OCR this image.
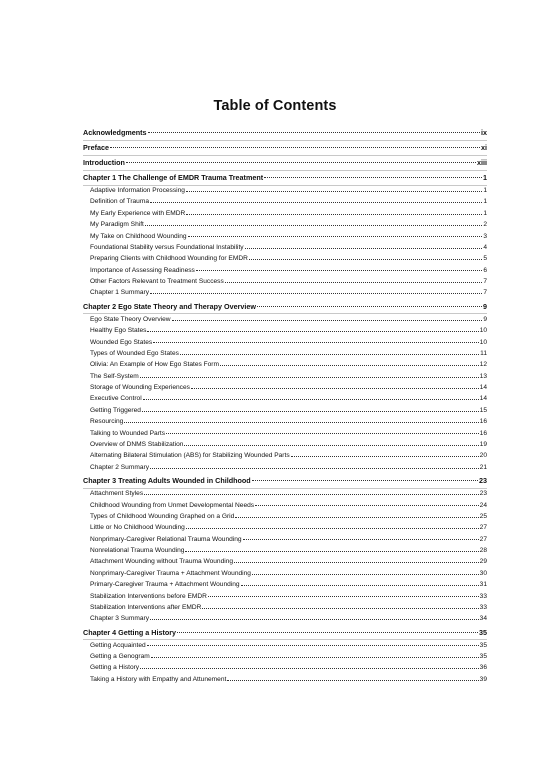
Table of Contents
Acknowledgments	ix
Preface	xi
Introduction	xiii
Chapter 1 The Challenge of EMDR Trauma Treatment	1
Adaptive Information Processing	1
Definition of Trauma	1
My Early Experience with EMDR	1
My Paradigm Shift	2
My Take on Childhood Wounding	3
Foundational Stability versus Foundational Instability	4
Preparing Clients with Childhood Wounding for EMDR	5
Importance of Assessing Readiness	6
Other Factors Relevant to Treatment Success	7
Chapter 1 Summary	7
Chapter 2 Ego State Theory and Therapy Overview	9
Ego State Theory Overview	9
Healthy Ego States	10
Wounded Ego States	10
Types of Wounded Ego States	11
Olivia: An Example of How Ego States Form	12
The Self-System	13
Storage of Wounding Experiences	14
Executive Control	14
Getting Triggered	15
Resourcing	16
Talking to Wounded Parts	16
Overview of DNMS Stabilization	19
Alternating Bilateral Stimulation (ABS) for Stabilizing Wounded Parts	20
Chapter 2 Summary	21
Chapter 3 Treating Adults Wounded in Childhood	23
Attachment Styles	23
Childhood Wounding from Unmet Developmental Needs	24
Types of Childhood Wounding Graphed on a Grid	25
Little or No Childhood Wounding	27
Nonprimary-Caregiver Relational Trauma Wounding	27
Nonrelational Trauma Wounding	28
Attachment Wounding without Trauma Wounding	29
Nonprimary-Caregiver Trauma + Attachment Wounding	30
Primary-Caregiver Trauma + Attachment Wounding	31
Stabilization Interventions before EMDR	33
Stabilization Interventions after EMDR	33
Chapter 3 Summary	34
Chapter 4 Getting a History	35
Getting Acquainted	35
Getting a Genogram	35
Getting a History	36
Taking a History with Empathy and Attunement	39
